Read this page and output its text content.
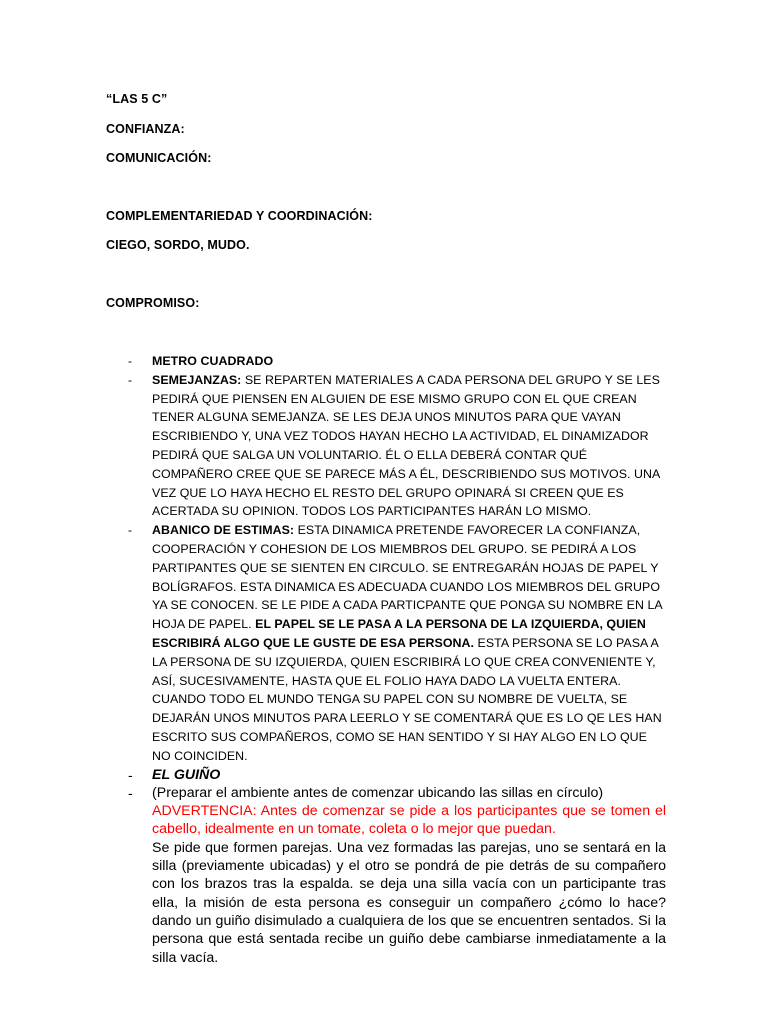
“LAS 5 C”
CONFIANZA:
COMUNICACIÓN:
COMPLEMENTARIEDAD Y COORDINACIÓN:
CIEGO, SORDO, MUDO.
COMPROMISO:
- METRO CUADRADO
- SEMEJANZAS: SE REPARTEN MATERIALES A CADA PERSONA DEL GRUPO Y SE LES PEDIRÁ QUE PIENSEN EN ALGUIEN DE ESE MISMO GRUPO CON EL QUE CREAN TENER ALGUNA SEMEJANZA. SE LES DEJA UNOS MINUTOS PARA QUE VAYAN ESCRIBIENDO Y, UNA VEZ TODOS HAYAN HECHO LA ACTIVIDAD, EL DINAMIZADOR PEDIRÁ QUE SALGA UN VOLUNTARIO. ÉL O ELLA DEBERÁ CONTAR QUÉ COMPAÑERO CREE QUE SE PARECE MÁS A ÉL, DESCRIBIENDO SUS MOTIVOS. UNA VEZ QUE LO HAYA HECHO EL RESTO DEL GRUPO OPINARÁ SI CREEN QUE ES ACERTADA SU OPINION. TODOS LOS PARTICIPANTES HARÁN LO MISMO.
- ABANICO DE ESTIMAS: ESTA DINAMICA PRETENDE FAVORECER LA CONFIANZA, COOPERACIÓN Y COHESION DE LOS MIEMBROS DEL GRUPO. SE PEDIRÁ A LOS PARTIPANTES QUE SE SIENTEN EN CIRCULO. SE ENTREGARÁN HOJAS DE PAPEL Y BOLÍGRAFOS. ESTA DINAMICA ES ADECUADA CUANDO LOS MIEMBROS DEL GRUPO YA SE CONOCEN. SE LE PIDE A CADA PARTICPANTE QUE PONGA SU NOMBRE EN LA HOJA DE PAPEL. EL PAPEL SE LE PASA A LA PERSONA DE LA IZQUIERDA, QUIEN ESCRIBIRÁ ALGO QUE LE GUSTE DE ESA PERSONA. ESTA PERSONA SE LO PASA A LA PERSONA DE SU IZQUIERDA, QUIEN ESCRIBIRÁ LO QUE CREA CONVENIENTE Y, ASÍ, SUCESIVAMENTE, HASTA QUE EL FOLIO HAYA DADO LA VUELTA ENTERA. CUANDO TODO EL MUNDO TENGA SU PAPEL CON SU NOMBRE DE VUELTA, SE DEJARÁN UNOS MINUTOS PARA LEERLO Y SE COMENTARÁ QUE ES LO QE LES HAN ESCRITO SUS COMPAÑEROS, COMO SE HAN SENTIDO Y SI HAY ALGO EN LO QUE NO COINCIDEN.
- EL GUIÑO
- (Preparar el ambiente antes de comenzar ubicando las sillas en círculo)

ADVERTENCIA: Antes de comenzar se pide a los participantes que se tomen el cabello, idealmente en un tomate, coleta o lo mejor que puedan.

Se pide que formen parejas. Una vez formadas las parejas, uno se sentará en la silla (previamente ubicadas) y el otro se pondrá de pie detrás de su compañero con los brazos tras la espalda. se deja una silla vacía con un participante tras ella, la misión de esta persona es conseguir un compañero ¿cómo lo hace? dando un guiño disimulado a cualquiera de los que se encuentren sentados. Si la persona que está sentada recibe un guiño debe cambiarse inmediatamente a la silla vacía.
